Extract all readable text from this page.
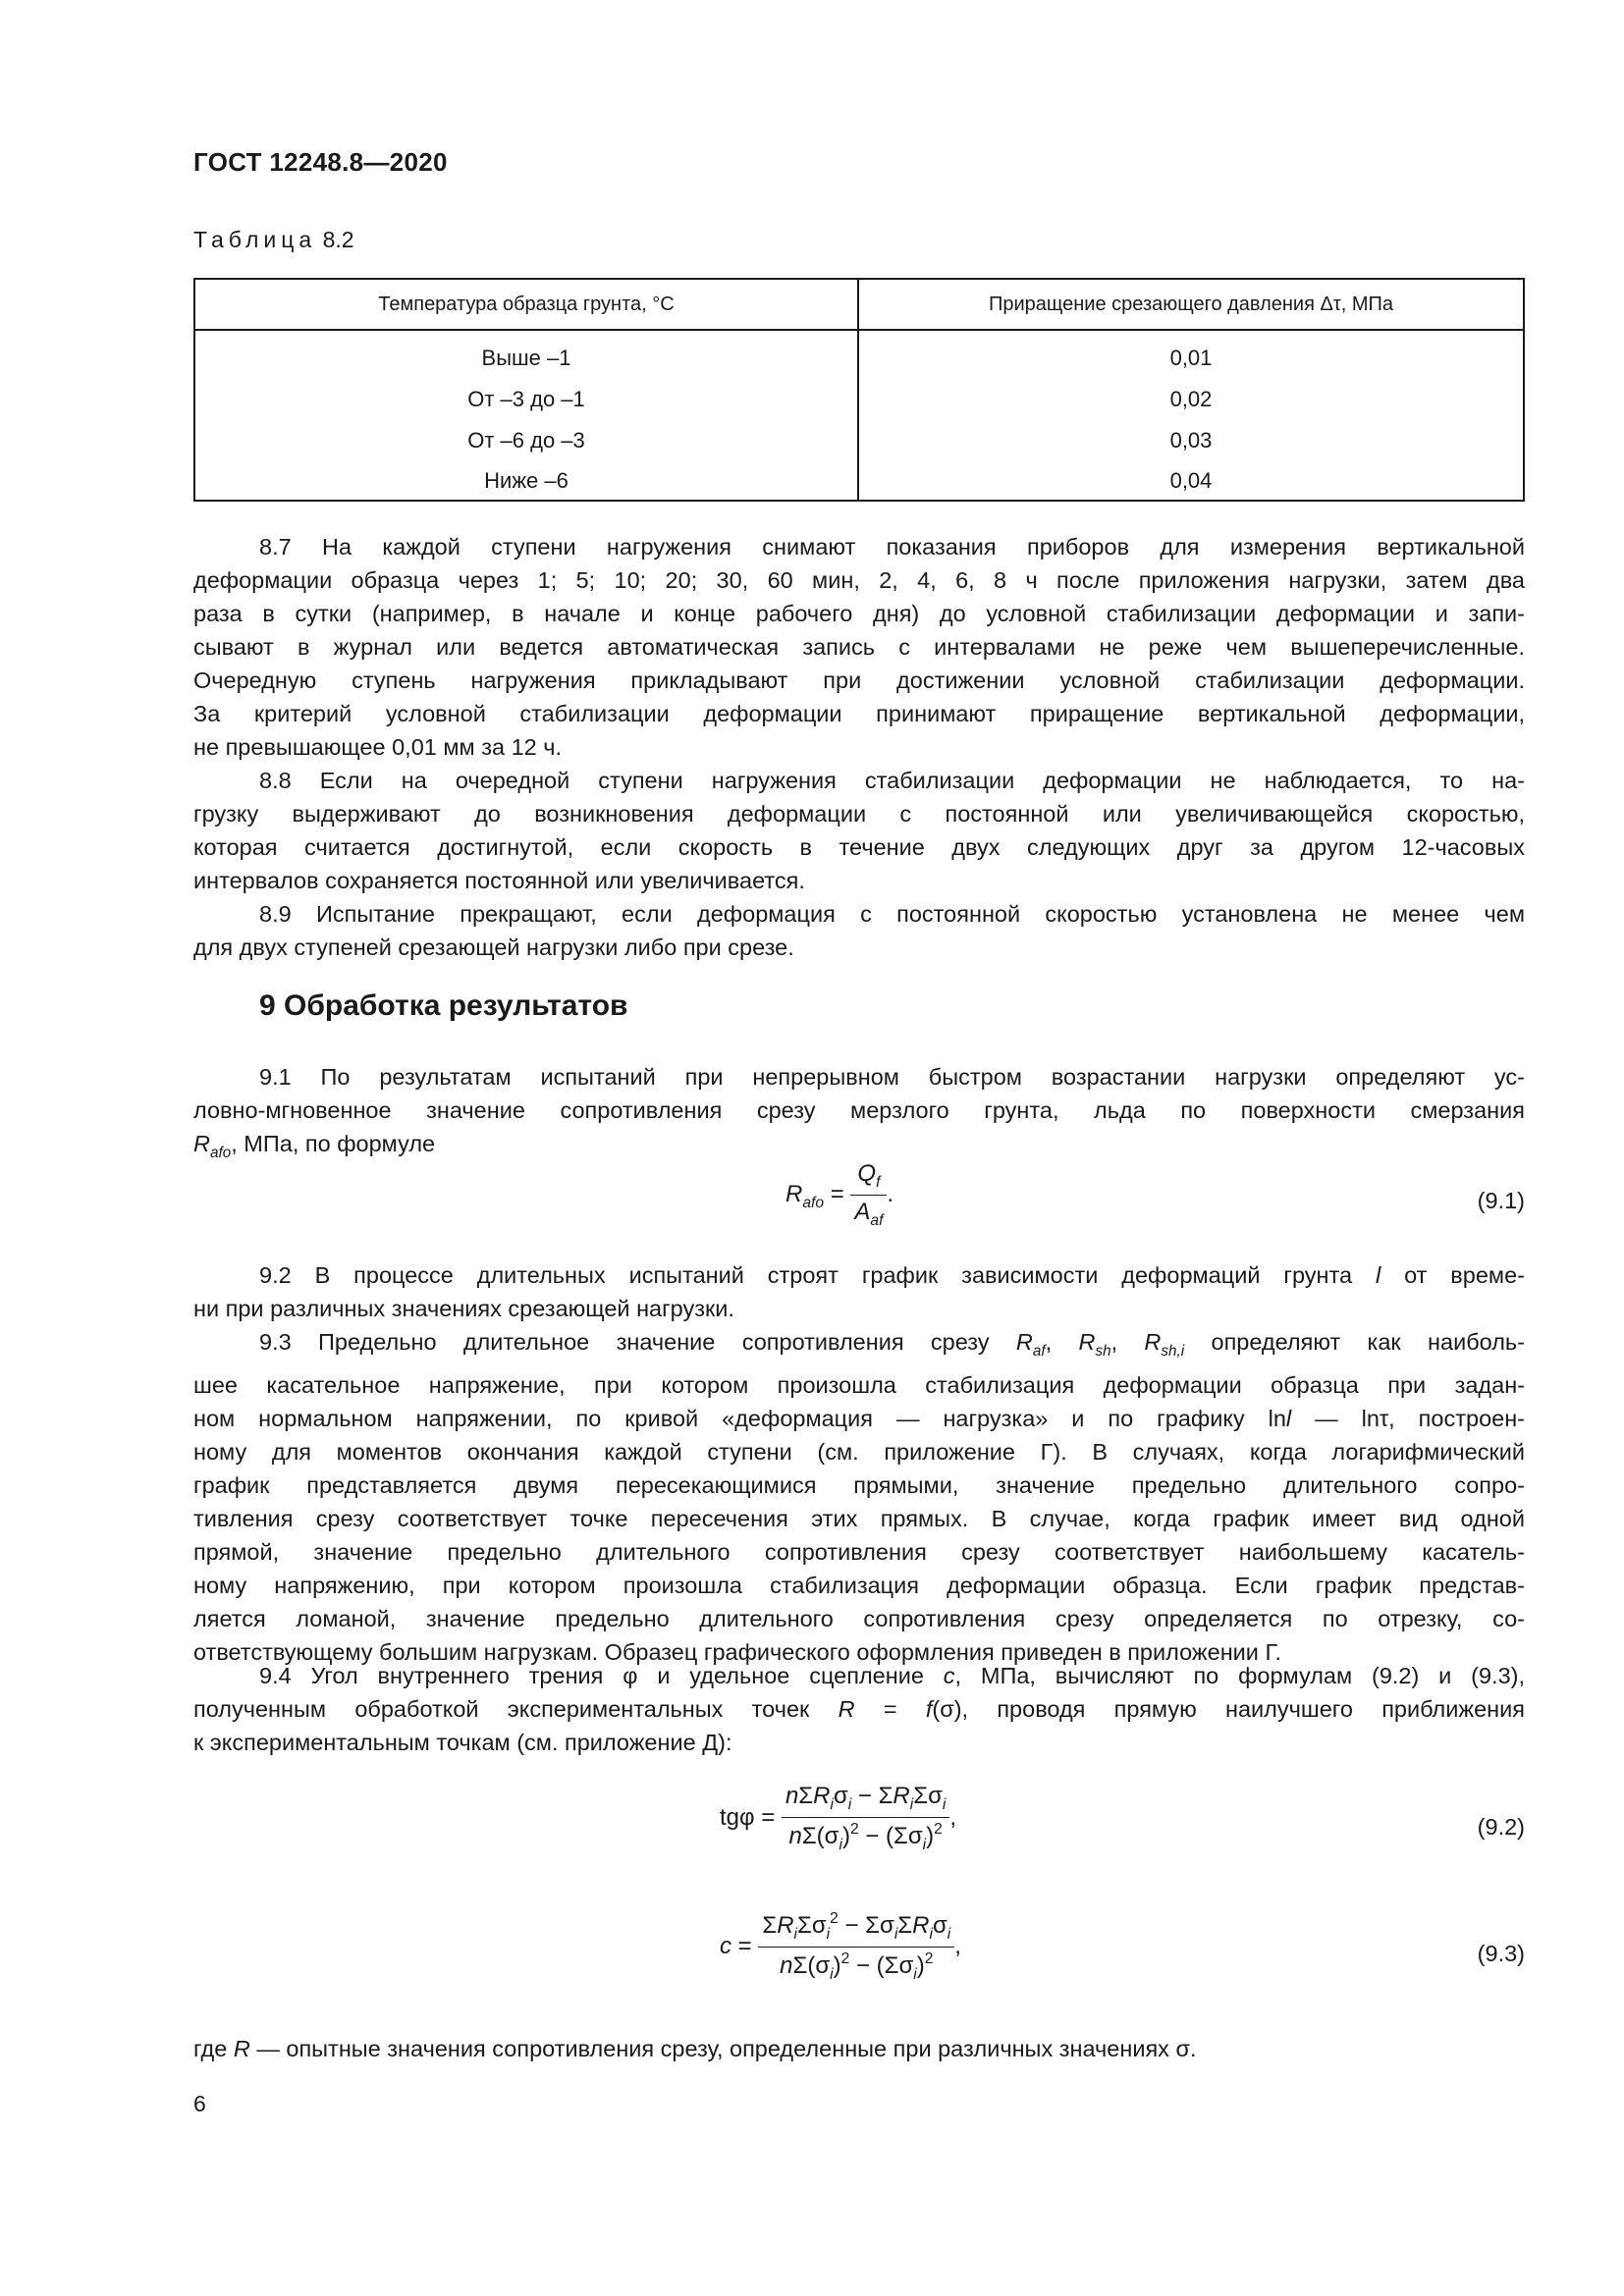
ГОСТ 12248.8—2020
Таблица 8.2
Температура образца грунта, °С	Приращение срезающего давления Δτ, МПа
Выше –1	0,01
От –3 до –1	0,02
От –6 до –3	0,03
Ниже –6	0,04
8.7 На каждой ступени нагружения снимают показания приборов для измерения вертикальной
деформации образца через 1; 5; 10; 20; 30, 60 мин, 2, 4, 6, 8 ч после приложения нагрузки, затем два
раза в сутки (например, в начале и конце рабочего дня) до условной стабилизации деформации и запи-
сывают в журнал или ведется автоматическая запись с интервалами не реже чем вышеперечисленные.
Очередную ступень нагружения прикладывают при достижении условной стабилизации деформации.
За критерий условной стабилизации деформации принимают приращение вертикальной деформации,
не превышающее 0,01 мм за 12 ч.
8.8 Если на очередной ступени нагружения стабилизации деформации не наблюдается, то на-
грузку выдерживают до возникновения деформации с постоянной или увеличивающейся скоростью,
которая считается достигнутой, если скорость в течение двух следующих друг за другом 12-часовых
интервалов сохраняется постоянной или увеличивается.
8.9 Испытание прекращают, если деформация с постоянной скоростью установлена не менее чем
для двух ступеней срезающей нагрузки либо при срезе.
9 Обработка результатов
9.1 По результатам испытаний при непрерывном быстром возрастании нагрузки определяют ус-
ловно-мгновенное значение сопротивления срезу мерзлого грунта, льда по поверхности смерзания
$R_{afo}$, МПа, по формуле
$R_{afo} = \frac{Q_f}{A_{af}}$ .	(9.1)
9.2 В процессе длительных испытаний строят график зависимости деформаций грунта l от време-
ни при различных значениях срезающей нагрузки.
9.3 Предельно длительное значение сопротивления срезу $R_{af}$, $R_{sh}$, $R_{sh,i}$ определяют как наиболь-
шее касательное напряжение, при котором произошла стабилизация деформации образца при задан-
ном нормальном напряжении, по кривой «деформация — нагрузка» и по графику lnl — lnτ, построен-
ному для моментов окончания каждой ступени (см. приложение Г). В случаях, когда логарифмический
график представляется двумя пересекающимися прямыми, значение предельно длительного сопро-
тивления срезу соответствует точке пересечения этих прямых. В случае, когда график имеет вид одной
прямой, значение предельно длительного сопротивления срезу соответствует наибольшему касатель-
ному напряжению, при котором произошла стабилизация деформации образца. Если график представ-
ляется ломаной, значение предельно длительного сопротивления срезу определяется по отрезку, со-
ответствующему большим нагрузкам. Образец графического оформления приведен в приложении Г.
9.4 Угол внутреннего трения φ и удельное сцепление c, МПа, вычисляют по формулам (9.2) и (9.3),
полученным обработкой экспериментальных точек R = f(σ), проводя прямую наилучшего приближения
к экспериментальным точкам (см. приложение Д):
$tg\varphi = \frac{n\Sigma R_i\sigma_i - \Sigma R_i\Sigma\sigma_i}{n\Sigma(\sigma_i)^2 - (\Sigma\sigma_i)^2}$ ,	(9.2)
$c = \frac{\Sigma R_i\Sigma\sigma_i^2 - \Sigma\sigma_i\Sigma R_i\sigma_i}{n\Sigma(\sigma_i)^2 - (\Sigma\sigma_i)^2}$ ,	(9.3)
где R — опытные значения сопротивления срезу, определенные при различных значениях σ.
6
